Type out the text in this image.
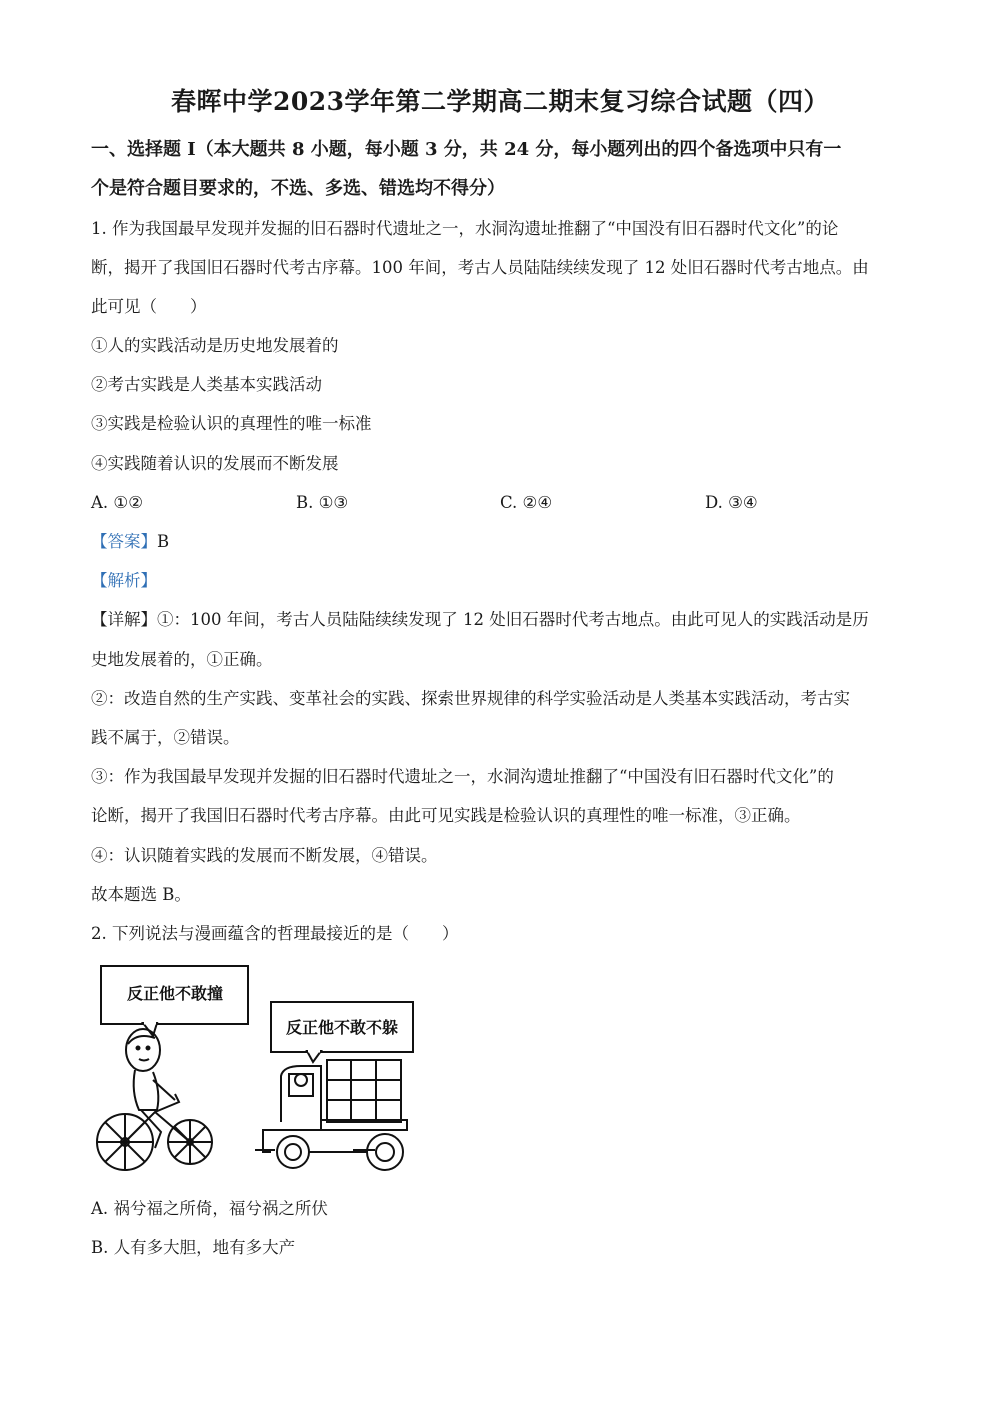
春晖中学2023学年第二学期高二期末复习综合试题（四）
一、选择题 I（本大题共 8 小题，每小题 3 分，共 24 分，每小题列出的四个备选项中只有一
个是符合题目要求的，不选、多选、错选均不得分）
1. 作为我国最早发现并发掘的旧石器时代遗址之一，水洞沟遗址推翻了“中国没有旧石器时代文化”的论
断，揭开了我国旧石器时代考古序幕。100 年间，考古人员陆陆续续发现了 12 处旧石器时代考古地点。由
此可见（　　）
①人的实践活动是历史地发展着的
②考古实践是人类基本实践活动
③实践是检验认识的真理性的唯一标准
④实践随着认识的发展而不断发展
A. ①②	B. ①③	C. ②④	D. ③④
【答案】B
【解析】
【详解】①：100 年间，考古人员陆陆续续发现了 12 处旧石器时代考古地点。由此可见人的实践活动是历
史地发展着的，①正确。
②：改造自然的生产实践、变革社会的实践、探索世界规律的科学实验活动是人类基本实践活动，考古实
践不属于，②错误。
③：作为我国最早发现并发掘的旧石器时代遗址之一，水洞沟遗址推翻了“中国没有旧石器时代文化”的
论断，揭开了我国旧石器时代考古序幕。由此可见实践是检验认识的真理性的唯一标准，③正确。
④：认识随着实践的发展而不断发展，④错误。
故本题选 B。
2. 下列说法与漫画蕴含的哲理最接近的是（　　）
反正他不敢撞
反正他不敢不躲
A. 祸兮福之所倚，福兮祸之所伏
B. 人有多大胆，地有多大产
